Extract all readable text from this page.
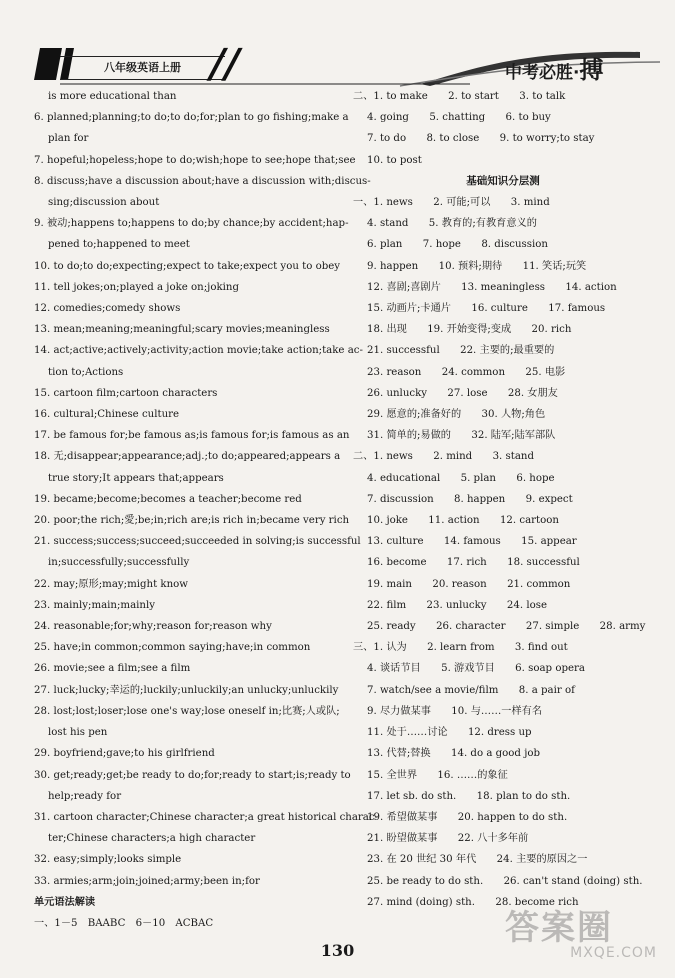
八年级英语上册 //	中考必胜·搏
is more educational than
6. planned;planning;to do;to do;for;plan to go fishing;make a
plan for
7. hopeful;hopeless;hope to do;wish;hope to see;hope that;see
8. discuss;have a discussion about;have a discussion with;discus-
sing;discussion about
9. 被动;happens to;happens to do;by chance;by accident;hap-
pened to;happened to meet
10. to do;to do;expecting;expect to take;expect you to obey
11. tell jokes;on;played a joke on;joking
12. comedies;comedy shows
13. mean;meaning;meaningful;scary movies;meaningless
14. act;active;actively;activity;action movie;take action;take ac-
tion to;Actions
15. cartoon film;cartoon characters
16. cultural;Chinese culture
17. be famous for;be famous as;is famous for;is famous as an
18. 无;disappear;appearance;adj.;to do;appeared;appears a
true story;It appears that;appears
19. became;become;becomes a teacher;become red
20. poor;the rich;愛;be;in;rich are;is rich in;became very rich
21. success;success;succeed;succeeded in solving;is successful
in;successfully;successfully
22. may;原形;may;might know
23. mainly;main;mainly
24. reasonable;for;why;reason for;reason why
25. have;in common;common saying;have;in common
26. movie;see a film;see a film
27. luck;lucky;幸运的;luckily;unluckily;an unlucky;unluckily
28. lost;lost;loser;lose one's way;lose oneself in;比赛;人或队;
lost his pen
29. boyfriend;gave;to his girlfriend
30. get;ready;get;be ready to do;for;ready to start;is;ready to
help;ready for
31. cartoon character;Chinese character;a great historical charac-
ter;Chinese characters;a high character
32. easy;simply;looks simple
33. armies;arm;join;joined;army;been in;for
单元语法解读
一、1－5　BAABC　6－10　ACBAC
二、1. to make　　2. to start　　3. to talk
4. going　　5. chatting　　6. to buy
7. to do　　8. to close　　9. to worry;to stay
10. to post
基础知识分层测
一、1. news　　2. 可能;可以　　3. mind
4. stand　　5. 教育的;有教育意义的
6. plan　　7. hope　　8. discussion
9. happen　　10. 预料;期待　　11. 笑话;玩笑
12. 喜剧;喜剧片　　13. meaningless　　14. action
15. 动画片;卡通片　　16. culture　　17. famous
18. 出现　　19. 开始变得;变成　　20. rich
21. successful　　22. 主要的;最重要的
23. reason　　24. common　　25. 电影
26. unlucky　　27. lose　　28. 女朋友
29. 愿意的;准备好的　　30. 人物;角色
31. 简单的;易做的　　32. 陆军;陆军部队
二、1. news　　2. mind　　3. stand
4. educational　　5. plan　　6. hope
7. discussion　　8. happen　　9. expect
10. joke　　11. action　　12. cartoon
13. culture　　14. famous　　15. appear
16. become　　17. rich　　18. successful
19. main　　20. reason　　21. common
22. film　　23. unlucky　　24. lose
25. ready　　26. character　　27. simple　　28. army
三、1. 认为　　2. learn from　　3. find out
4. 谈话节目　　5. 游戏节目　　6. soap opera
7. watch/see a movie/film　　8. a pair of
9. 尽力做某事　　10. 与……一样有名
11. 处于……讨论　　12. dress up
13. 代替;替换　　14. do a good job
15. 全世界　　16. ……的象征
17. let sb. do sth.　　18. plan to do sth.
19. 希望做某事　　20. happen to do sth.
21. 盼望做某事　　22. 八十多年前
23. 在 20 世纪 30 年代　　24. 主要的原因之一
25. be ready to do sth.　　26. can't stand (doing) sth.
27. mind (doing) sth.　　28. become rich
130
答案圈
MXQE.COM
